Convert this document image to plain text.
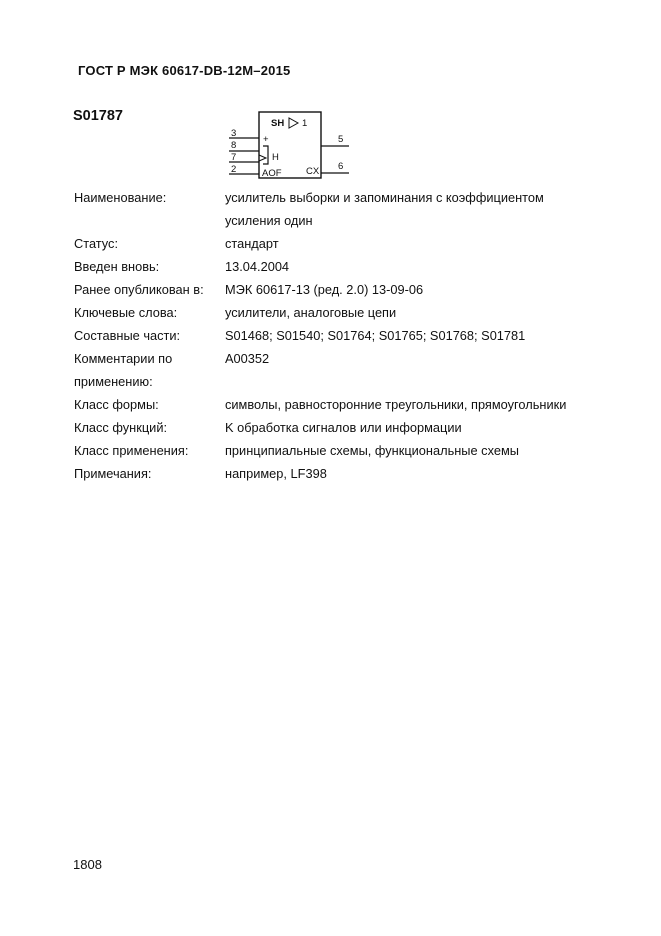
ГОСТ Р МЭК 60617-DB-12M–2015
S01787	SH 1
+
H
AOF	CX
3
8
7
2
5
6
Наименование:	усилитель выборки и запоминания с коэффициентом усиления один
Статус:	стандарт
Введен вновь:	13.04.2004
Ранее опубликован в:	МЭК 60617-13 (ред. 2.0) 13-09-06
Ключевые слова:	усилители, аналоговые цепи
Составные части:	S01468; S01540; S01764; S01765; S01768; S01781
Комментарии по применению:
A00352
Класс формы:	символы, равносторонние треугольники, прямоугольники
Класс функций:	K обработка сигналов или информации
Класс применения:	принципиальные схемы, функциональные схемы
Примечания:	например, LF398
1808
